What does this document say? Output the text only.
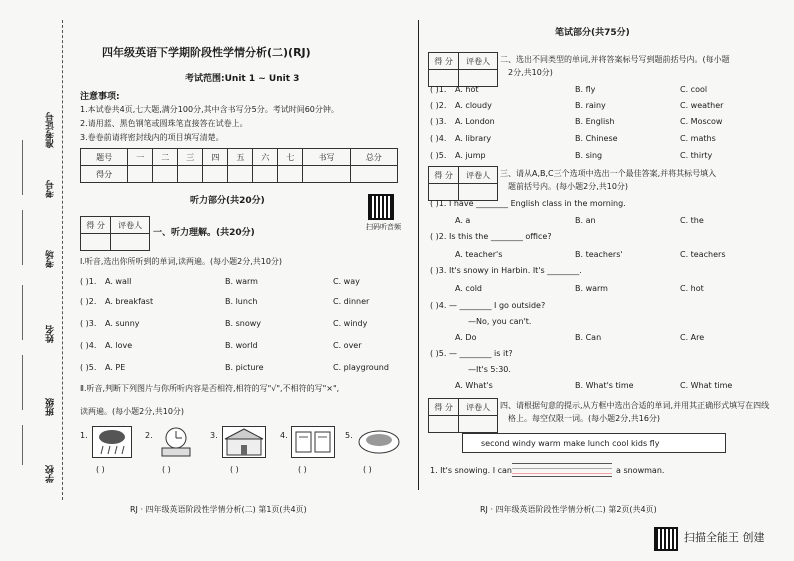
准考证号
考号
考场
姓名
班级
学校
四年级英语下学期阶段性学情分析(二)(RJ)
考试范围:Unit 1 ~ Unit 3
注意事项:
1.本试卷共4页,七大题,满分100分,其中含书写分5分。考试时间60分钟。
2.请用蓝、黑色钢笔或圆珠笔直接答在试卷上。
3.卷卷前请将密封线内的项目填写清楚。
题号	一	二	三	四	五	六	七	书写	总分
得分									
听力部分(共20分)
扫码听音频
得 分	评卷人

一、听力理解。(共20分)
Ⅰ.听音,选出你所听到的单词,读两遍。(每小题2分,共10分)
( )1. A. wall	B. warm	C. way
( )2. A. breakfast	B. lunch	C. dinner
( )3. A. sunny	B. snowy	C. windy
( )4. A. love	B. world	C. over
( )5. A. PE	B. picture	C. playground
Ⅱ.听音,判断下列图片与你所听内容是否相符,相符的写"√",不相符的写"×",
读两遍。(每小题2分,共10分)
1.	2.	3.	4.	5.
( )	( )	( )	( )	( )
RJ · 四年级英语阶段性学情分析(二) 第1页(共4页)
笔试部分(共75分)
得 分	评卷人
	二、选出不同类型的单词,并将答案标号写到题前括号内。(每小题
2分,共10分)
( )1. A. hot	B. fly	C. cool
( )2. A. cloudy	B. rainy	C. weather
( )3. A. London	B. English	C. Moscow
( )4. A. library	B. Chinese	C. maths
( )5. A. jump	B. sing	C. thirty
得 分	评卷人
	三、请从A,B,C三个选项中选出一个最佳答案,并将其标号填入
题前括号内。(每小题2分,共10分)
( )1. I have ________ English class in the morning.
A. a	B. an	C. the
( )2. Is this the ________ office?
A. teacher's	B. teachers'	C. teachers
( )3. It's snowy in Harbin. It's ________.
A. cold	B. warm	C. hot
( )4. — ________ I go outside?
—No, you can't.
A. Do	B. Can	C. Are
( )5. — ________ is it?
—It's 5:30.
A. What's	B. What's time	C. What time
得 分	评卷人
	四、请根据句意的提示,从方框中选出合适的单词,并用其正确形式填写在四线
格上。每空仅限一词。(每小题2分,共16分)
second windy warm make lunch cool kids fly
1. It's snowing. I can	a snowman.
RJ · 四年级英语阶段性学情分析(二) 第2页(共4页)
扫描全能王 创建
